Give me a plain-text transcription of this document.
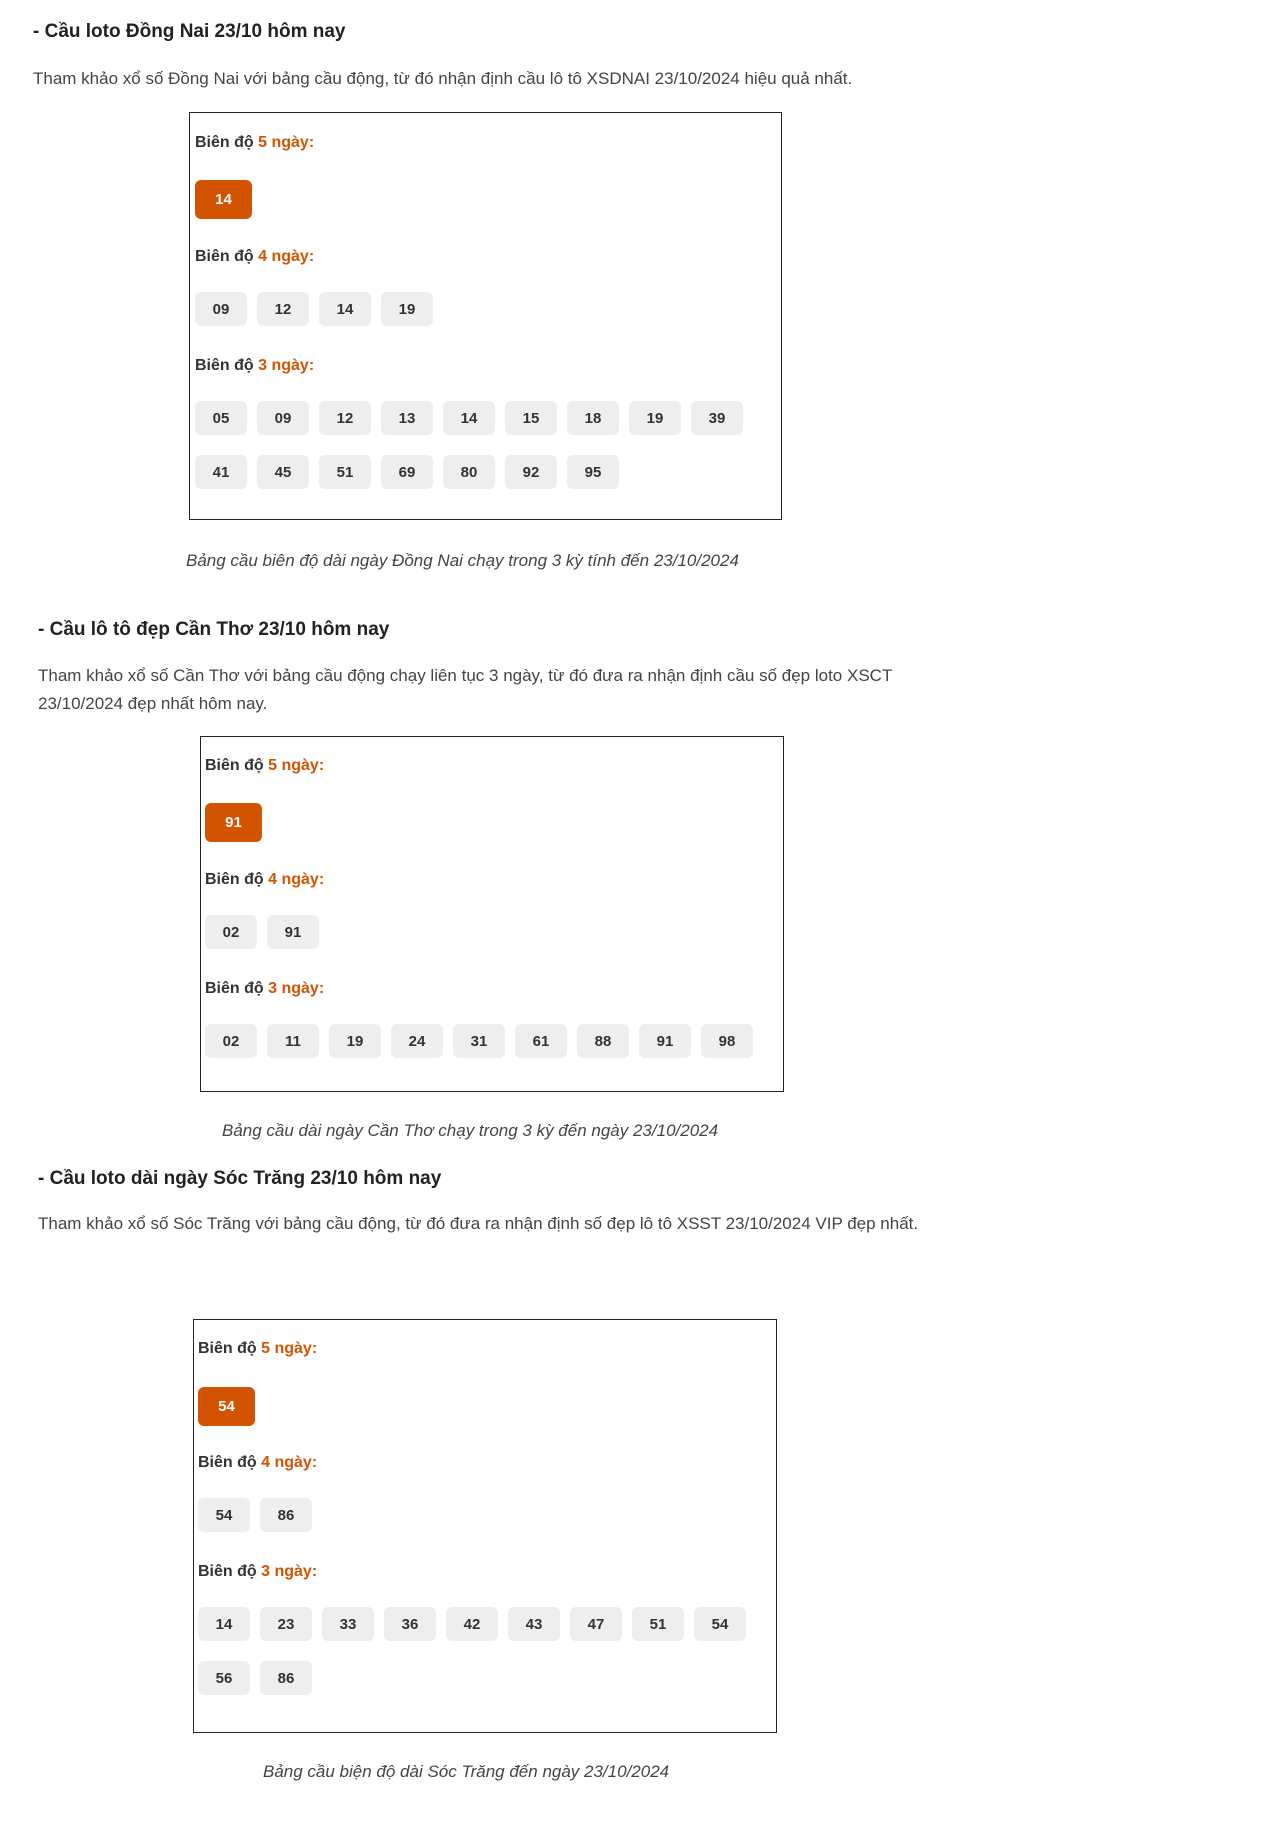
- Cầu loto Đồng Nai 23/10 hôm nay

Tham khảo xổ số Đồng Nai với bảng cầu động, từ đó nhận định cầu lô tô XSDNAI 23/10/2024 hiệu quả nhất.

Biên độ 5 ngày:
14
Biên độ 4 ngày:
09	12	14	19
Biên độ 3 ngày:
05	09	12	13	14	15	18	19	39
41	45	51	69	80	92	95
Bảng cầu biên độ dài ngày Đồng Nai chạy trong 3 kỳ tính đến 23/10/2024
- Cầu lô tô đẹp Cần Thơ 23/10 hôm nay

Tham khảo xổ số Cần Thơ với bảng cầu động chạy liên tục 3 ngày, từ đó đưa ra nhận định cầu số đẹp loto XSCT 23/10/2024 đẹp nhất hôm nay.

Biên độ 5 ngày:
91
Biên độ 4 ngày:
02	91
Biên độ 3 ngày:
02	11	19	24	31	61	88	91	98
Bảng cầu dài ngày Cần Thơ chạy trong 3 kỳ đến ngày 23/10/2024
- Cầu loto dài ngày Sóc Trăng 23/10 hôm nay

Tham khảo xổ số Sóc Trăng với bảng cầu động, từ đó đưa ra nhận định số đẹp lô tô XSST 23/10/2024 VIP đẹp nhất.

Biên độ 5 ngày:
54
Biên độ 4 ngày:
54	86
Biên độ 3 ngày:
14	23	33	36	42	43	47	51	54
56	86
Bảng cầu biện độ dài Sóc Trăng đến ngày 23/10/2024
